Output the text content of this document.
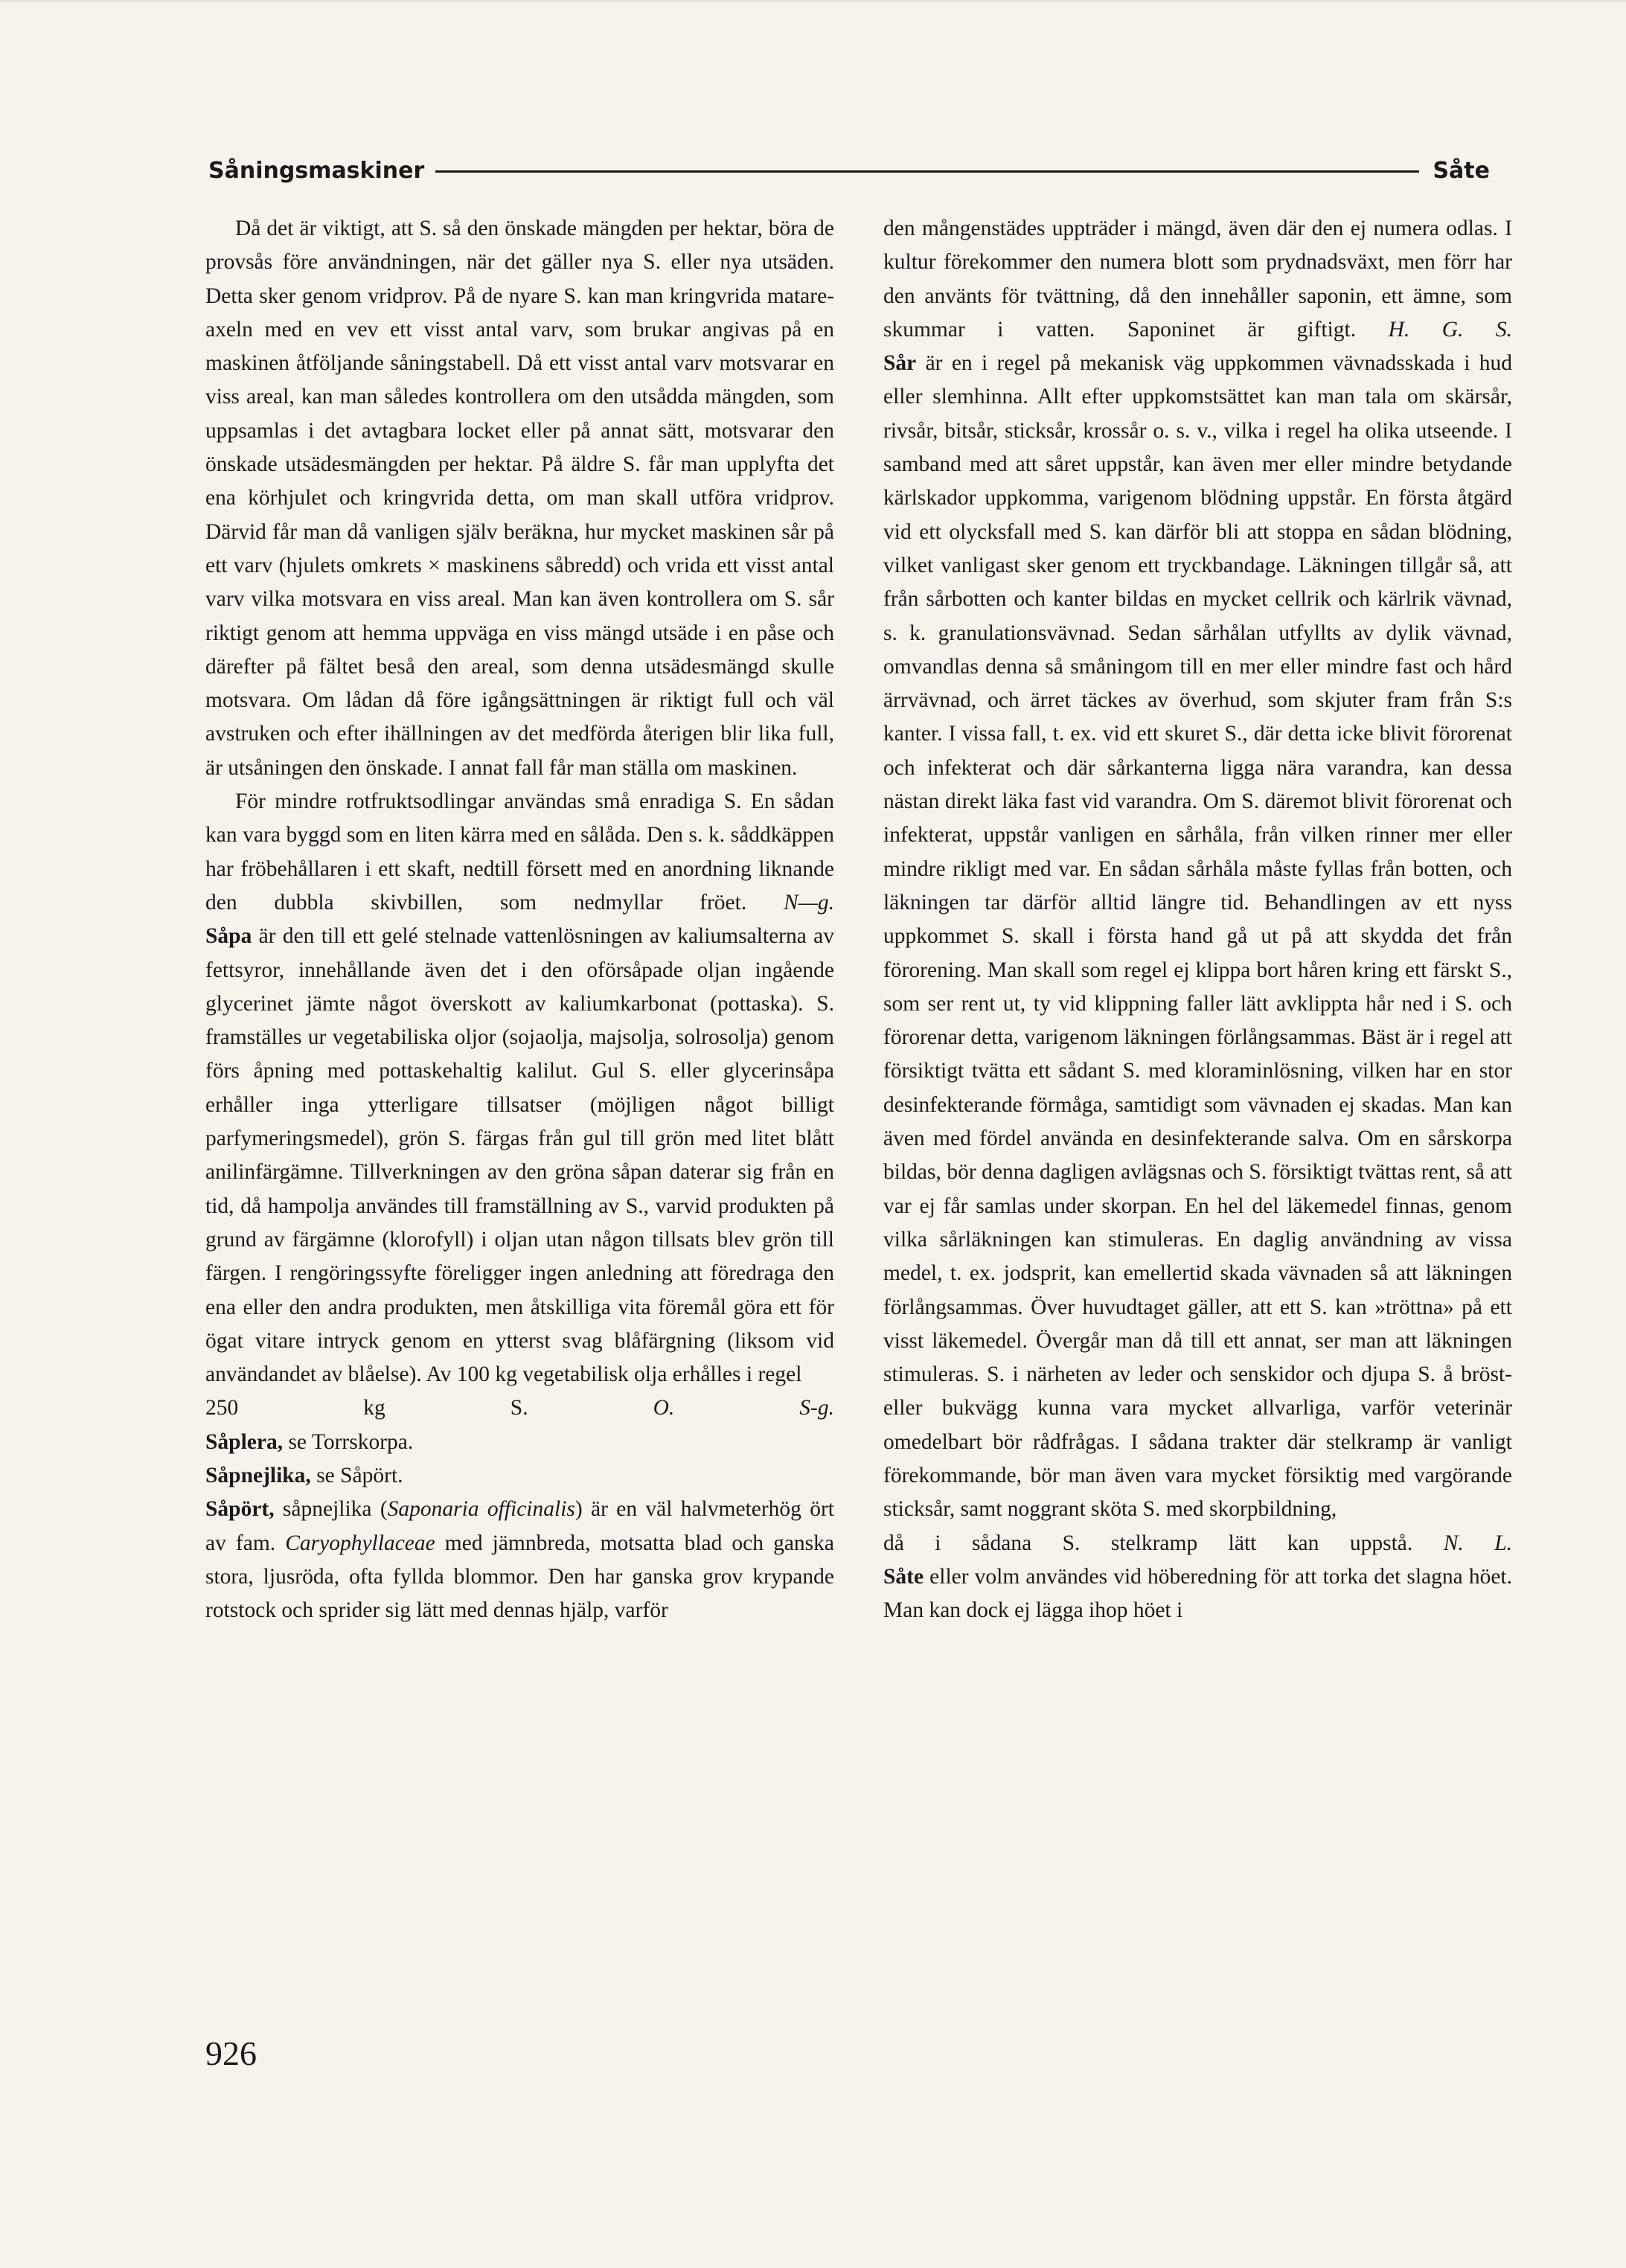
Såningsmaskiner	Såte

Då det är viktigt, att S. så den önskade mängden per hektar, böra de provsås före användningen, när det gäller nya S. eller nya utsäden. Detta sker genom vridprov. På de nyare S. kan man kringvrida matare-axeln med en vev ett visst antal varv, som brukar angivas på en maskinen åtföljande såningstabell. Då ett visst antal varv motsvarar en viss areal, kan man således kontrollera om den utsådda mängden, som uppsamlas i det avtagbara locket eller på annat sätt, motsvarar den önskade utsädesmängden per hektar. På äldre S. får man upplyfta det ena körhjulet och kringvrida detta, om man skall utföra vridprov. Därvid får man då vanligen själv beräkna, hur mycket maskinen sår på ett varv (hjulets omkrets × maskinens såbredd) och vrida ett visst antal varv vilka motsvara en viss areal. Man kan även kontrollera om S. sår riktigt genom att hemma uppväga en viss mängd utsäde i en påse och därefter på fältet beså den areal, som denna utsädesmängd skulle motsvara. Om lådan då före igångsättningen är riktigt full och väl avstruken och efter ihällningen av det medförda återigen blir lika full, är utsåningen den önskade. I annat fall får man ställa om maskinen.

För mindre rotfruktsodlingar användas små enradiga S. En sådan kan vara byggd som en liten kärra med en sålåda. Den s. k. såddkäppen har fröbehållaren i ett skaft, nedtill försett med en anordning liknande den dubbla skivbillen, som nedmyllar fröet. N—g.

Såpa är den till ett gelé stelnade vattenlösningen av kaliumsalterna av fettsyror, innehållande även det i den oförsåpade oljan ingående glycerinet jämte något överskott av kaliumkarbonat (pottaska). S. framställes ur vegetabiliska oljor (sojaolja, majsolja, solrosolja) genom förs åpning med pottaskehaltig kalilut. Gul S. eller glycerinsåpa erhåller inga ytterligare tillsatser (möjligen något billigt parfymeringsmedel), grön S. färgas från gul till grön med litet blått anilinfärgämne. Tillverkningen av den gröna såpan daterar sig från en tid, då hampolja användes till framställning av S., varvid produkten på grund av färgämne (klorofyll) i oljan utan någon tillsats blev grön till färgen. I rengöringssyfte föreligger ingen anledning att föredraga den ena eller den andra produkten, men åtskilliga vita föremål göra ett för ögat vitare intryck genom en ytterst svag blåfärgning (liksom vid användandet av blåelse). Av 100 kg vegetabilisk olja erhålles i regel

250 kg S.	O. S-g.

Såplera, se Torrskorpa.

Såpnejlika, se Såpört.

Såpört, såpnejlika (Saponaria officinalis) är en väl halvmeterhög ört av fam. Caryophyllaceae med jämnbreda, motsatta blad och ganska stora, ljusröda, ofta fyllda blommor. Den har ganska grov krypande rotstock och sprider sig lätt med dennas hjälp, varför

den mångenstädes uppträder i mängd, även där den ej numera odlas. I kultur förekommer den numera blott som prydnadsväxt, men förr har den använts för tvättning, då den innehåller saponin, ett ämne, som skummar i vatten. Saponinet är giftigt. H. G. S.

Sår är en i regel på mekanisk väg uppkommen vävnadsskada i hud eller slemhinna. Allt efter uppkomstsättet kan man tala om skärsår, rivsår, bitsår, sticksår, krossår o. s. v., vilka i regel ha olika utseende. I samband med att såret uppstår, kan även mer eller mindre betydande kärlskador uppkomma, varigenom blödning uppstår. En första åtgärd vid ett olycksfall med S. kan därför bli att stoppa en sådan blödning, vilket vanligast sker genom ett tryckbandage. Läkningen tillgår så, att från sårbotten och kanter bildas en mycket cellrik och kärlrik vävnad, s. k. granulationsvävnad. Sedan sårhålan utfyllts av dylik vävnad, omvandlas denna så småningom till en mer eller mindre fast och hård ärrvävnad, och ärret täckes av överhud, som skjuter fram från S:s kanter. I vissa fall, t. ex. vid ett skuret S., där detta icke blivit förorenat och infekterat och där sårkanterna ligga nära varandra, kan dessa nästan direkt läka fast vid varandra. Om S. däremot blivit förorenat och infekterat, uppstår vanligen en sårhåla, från vilken rinner mer eller mindre rikligt med var. En sådan sårhåla måste fyllas från botten, och läkningen tar därför alltid längre tid. Behandlingen av ett nyss uppkommet S. skall i första hand gå ut på att skydda det från förorening. Man skall som regel ej klippa bort håren kring ett färskt S., som ser rent ut, ty vid klippning faller lätt avklippta hår ned i S. och förorenar detta, varigenom läkningen förlångsammas. Bäst är i regel att försiktigt tvätta ett sådant S. med kloraminlösning, vilken har en stor desinfekterande förmåga, samtidigt som vävnaden ej skadas. Man kan även med fördel använda en desinfekterande salva. Om en sårskorpa bildas, bör denna dagligen avlägsnas och S. försiktigt tvättas rent, så att var ej får samlas under skorpan. En hel del läkemedel finnas, genom vilka sårläkningen kan stimuleras. En daglig användning av vissa medel, t. ex. jodsprit, kan emellertid skada vävnaden så att läkningen förlångsammas. Över huvudtaget gäller, att ett S. kan »tröttna» på ett visst läkemedel. Övergår man då till ett annat, ser man att läkningen stimuleras. S. i närheten av leder och senskidor och djupa S. å bröst- eller bukvägg kunna vara mycket allvarliga, varför veterinär omedelbart bör rådfrågas. I sådana trakter där stelkramp är vanligt förekommande, bör man även vara mycket försiktig med vargörande sticksår, samt noggrant sköta S. med skorpbildning,

då i sådana S. stelkramp lätt kan uppstå. N. L.

Såte eller volm användes vid höberedning för att torka det slagna höet. Man kan dock ej lägga ihop höet i

926
